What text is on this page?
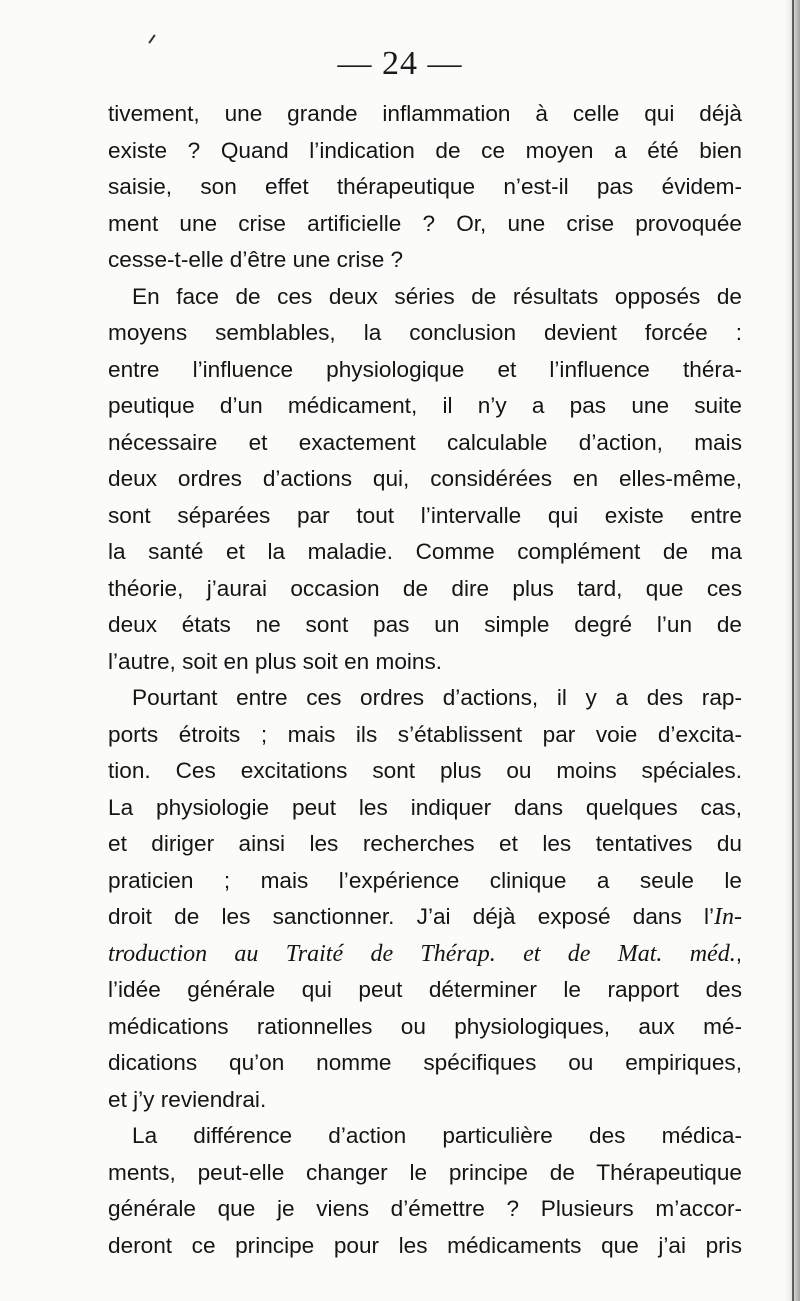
— 24 —
tivement, une grande inflammation à celle qui déjà
existe ? Quand l’indication de ce moyen a été bien
saisie, son effet thérapeutique n’est-il pas évidem-
ment une crise artificielle ? Or, une crise provoquée
cesse-t-elle d’être une crise ?
En face de ces deux séries de résultats opposés de
moyens semblables, la conclusion devient forcée :
entre l’influence physiologique et l’influence théra-
peutique d’un médicament, il n’y a pas une suite
nécessaire et exactement calculable d’action, mais
deux ordres d’actions qui, considérées en elles-même,
sont séparées par tout l’intervalle qui existe entre
la santé et la maladie. Comme complément de ma
théorie, j’aurai occasion de dire plus tard, que ces
deux états ne sont pas un simple degré l’un de
l’autre, soit en plus soit en moins.
Pourtant entre ces ordres d’actions, il y a des rap-
ports étroits ; mais ils s’établissent par voie d’excita-
tion. Ces excitations sont plus ou moins spéciales.
La physiologie peut les indiquer dans quelques cas,
et diriger ainsi les recherches et les tentatives du
praticien ; mais l’expérience clinique a seule le
droit de les sanctionner. J’ai déjà exposé dans l’In-
troduction au Traité de Thérap. et de Mat. méd.,
l’idée générale qui peut déterminer le rapport des
médications rationnelles ou physiologiques, aux mé-
dications qu’on nomme spécifiques ou empiriques,
et j’y reviendrai.
La différence d’action particulière des médica-
ments, peut-elle changer le principe de Thérapeutique
générale que je viens d’émettre ? Plusieurs m’accor-
deront ce principe pour les médicaments que j’ai pris
